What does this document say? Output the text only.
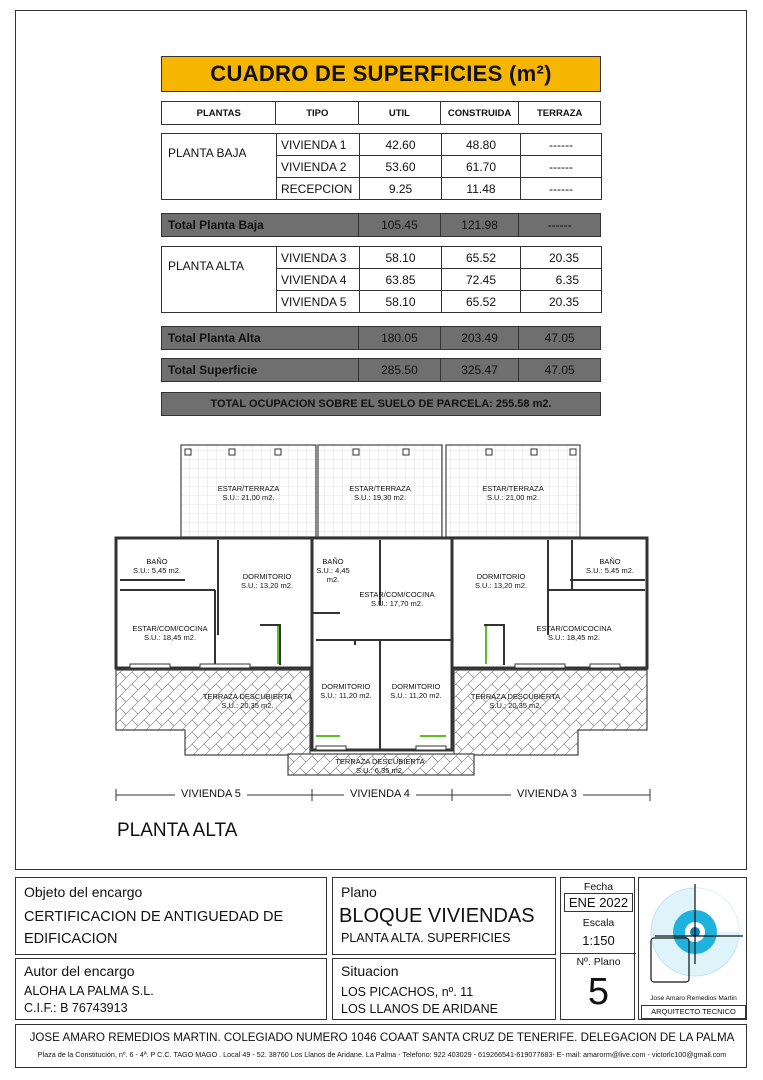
CUADRO DE SUPERFICIES (m²)
PLANTAS	TIPO	UTIL	CONSTRUIDA	TERRAZA
PLANTA BAJA	VIVIENDA 1	42.60	48.80	------
	VIVIENDA 2	53.60	61.70	------
	RECEPCION	9.25	11.48	------
Total Planta Baja	105.45	121.98	------
PLANTA ALTA	VIVIENDA 3	58.10	65.52	20.35
	VIVIENDA 4	63.85	72.45	6.35
	VIVIENDA 5	58.10	65.52	20.35
Total Planta Alta	180.05	203.49	47.05
Total Superficie	285.50	325.47	47.05
TOTAL OCUPACION SOBRE EL SUELO DE PARCELA: 255.58 m2.
ESTAR/TERRAZA
S.U.: 21,00 m2.
ESTAR/TERRAZA
S.U.: 19,30 m2.
ESTAR/TERRAZA
S.U.: 21,00 m2.
BAÑO
S.U.: 5,45 m2.
DORMITORIO
S.U.: 13,20 m2.
ESTAR/COM/COCINA
S.U.: 18,45 m2.
BAÑO
S.U.: 4,45 m2.
ESTAR/COM/COCINA
S.U.: 17,70 m2.
DORMITORIO
S.U.: 11,20 m2.
DORMITORIO
S.U.: 11,20 m2.
DORMITORIO
S.U.: 13,20 m2.
BAÑO
S.U.: 5,45 m2.
ESTAR/COM/COCINA
S.U.: 18,45 m2.
TERRAZA DESCUBIERTA
S.U.: 20,35 m2.
TERRAZA DESCUBIERTA
S.U.: 20,35 m2.
TERRAZA DESCUBIERTA
S.U.: 6,35 m2.
VIVIENDA 5	VIVIENDA 4	VIVIENDA 3
PLANTA ALTA
Objeto del encargo
CERTIFICACION DE ANTIGUEDAD DE
EDIFICACION
Autor del encargo
ALOHA LA PALMA S.L.
C.I.F.: B 76743913
Plano
BLOQUE VIVIENDAS
PLANTA ALTA. SUPERFICIES
Situacion
LOS PICACHOS, nº. 11
LOS LLANOS DE ARIDANE
Fecha
ENE 2022
Escala
1:150
Nº. Plano
5	Jose Amaro Remedios Martin
ARQUITECTO TECNICO
JOSE AMARO REMEDIOS MARTIN. COLEGIADO NUMERO 1046 COAAT SANTA CRUZ DE TENERIFE. DELEGACION DE LA PALMA
Plaza de la Constitución, nº. 6 - 4ª. P C.C. TAGO MAGO . Local 49 - 52. 38760 Los Llanos de Aridane. La Palma - Telefono: 922 403029 - 619266541-619077683- E- mail: amarorm@live.com - victorlc100@gmail.com
